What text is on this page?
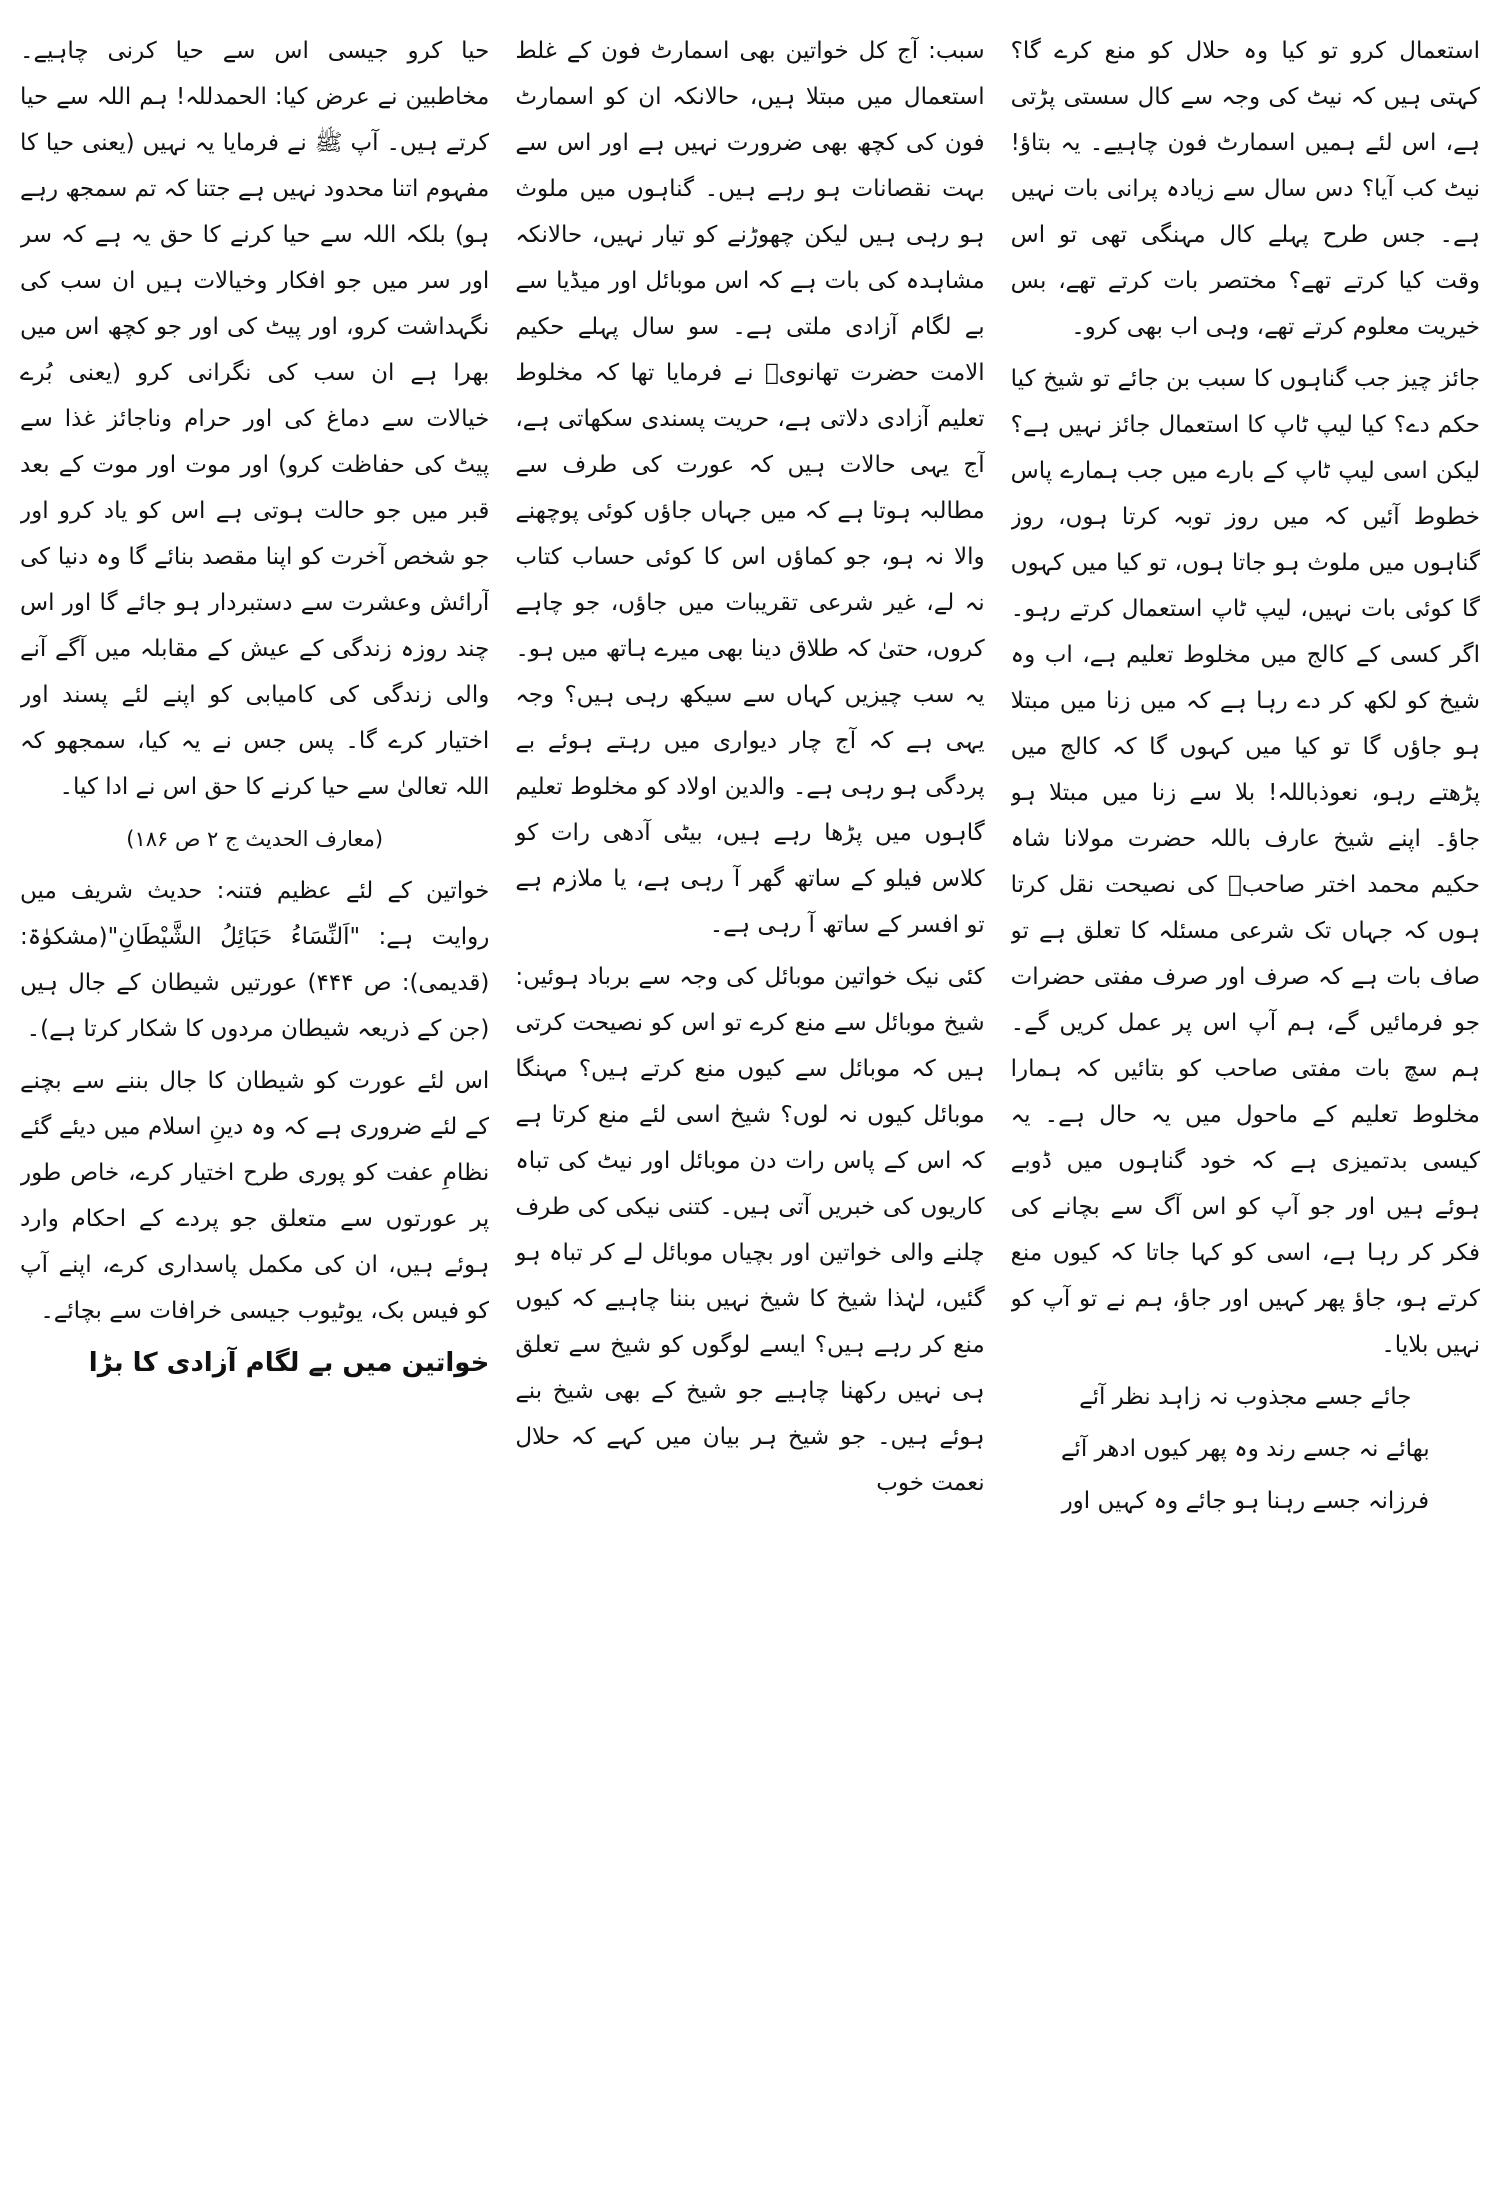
حیا کرو جیسی اس سے حیا کرنی چاہیے۔ مخاطبین نے عرض کیا: الحمدللہ! ہم اللہ سے حیا کرتے ہیں۔ آپ ﷺ نے فرمایا یہ نہیں (یعنی حیا کا مفہوم اتنا محدود نہیں ہے جتنا کہ تم سمجھ رہے ہو) بلکہ اللہ سے حیا کرنے کا حق یہ ہے کہ سر اور سر میں جو افکار وخیالات ہیں ان سب کی نگہداشت کرو، اور پیٹ کی اور جو کچھ اس میں بھرا ہے ان سب کی نگرانی کرو (یعنی بُرے خیالات سے دماغ کی اور حرام وناجائز غذا سے پیٹ کی حفاظت کرو) اور موت اور موت کے بعد قبر میں جو حالت ہوتی ہے اس کو یاد کرو اور جو شخص آخرت کو اپنا مقصد بنائے گا وہ دنیا کی آرائش وعشرت سے دستبردار ہو جائے گا اور اس چند روزہ زندگی کے عیش کے مقابلہ میں آگے آنے والی زندگی کی کامیابی کو اپنے لئے پسند اور اختیار کرے گا۔ پس جس نے یہ کیا، سمجھو کہ اللہ تعالیٰ سے حیا کرنے کا حق اس نے ادا کیا۔

(معارف الحدیث ج ۲ ص ۱۸۶)

خواتین کے لئے عظیم فتنہ: حدیث شریف میں روایت ہے: "اَلنِّسَاءُ حَبَائِلُ الشَّیْطَانِ"(مشکوٰۃ: (قدیمی): ص ۴۴۴) عورتیں شیطان کے جال ہیں (جن کے ذریعہ شیطان مردوں کا شکار کرتا ہے)۔

اس لئے عورت کو شیطان کا جال بننے سے بچنے کے لئے ضروری ہے کہ وہ دینِ اسلام میں دیئے گئے نظامِ عفت کو پوری طرح اختیار کرے، خاص طور پر عورتوں سے متعلق جو پردے کے احکام وارد ہوئے ہیں، ان کی مکمل پاسداری کرے، اپنے آپ کو فیس بک، یوٹیوب جیسی خرافات سے بچائے۔

خواتین میں بے لگام آزادی کا بڑا

سبب: آج کل خواتین بھی اسمارٹ فون کے غلط استعمال میں مبتلا ہیں، حالانکہ ان کو اسمارٹ فون کی کچھ بھی ضرورت نہیں ہے اور اس سے بہت نقصانات ہو رہے ہیں۔ گناہوں میں ملوث ہو رہی ہیں لیکن چھوڑنے کو تیار نہیں، حالانکہ مشاہدہ کی بات ہے کہ اس موبائل اور میڈیا سے بے لگام آزادی ملتی ہے۔ سو سال پہلے حکیم الامت حضرت تھانویؒ نے فرمایا تھا کہ مخلوط تعلیم آزادی دلاتی ہے، حریت پسندی سکھاتی ہے، آج یہی حالات ہیں کہ عورت کی طرف سے مطالبہ ہوتا ہے کہ میں جہاں جاؤں کوئی پوچھنے والا نہ ہو، جو کماؤں اس کا کوئی حساب کتاب نہ لے، غیر شرعی تقریبات میں جاؤں، جو چاہے کروں، حتیٰ کہ طلاق دینا بھی میرے ہاتھ میں ہو۔ یہ سب چیزیں کہاں سے سیکھ رہی ہیں؟ وجہ یہی ہے کہ آج چار دیواری میں رہتے ہوئے بے پردگی ہو رہی ہے۔ والدین اولاد کو مخلوط تعلیم گاہوں میں پڑھا رہے ہیں، بیٹی آدھی رات کو کلاس فیلو کے ساتھ گھر آ رہی ہے، یا ملازم ہے تو افسر کے ساتھ آ رہی ہے۔

کئی نیک خواتین موبائل کی وجہ سے برباد ہوئیں: شیخ موبائل سے منع کرے تو اس کو نصیحت کرتی ہیں کہ موبائل سے کیوں منع کرتے ہیں؟ مہنگا موبائل کیوں نہ لوں؟ شیخ اسی لئے منع کرتا ہے کہ اس کے پاس رات دن موبائل اور نیٹ کی تباہ کاریوں کی خبریں آتی ہیں۔ کتنی نیکی کی طرف چلنے والی خواتین اور بچیاں موبائل لے کر تباہ ہو گئیں، لہٰذا شیخ کا شیخ نہیں بننا چاہیے کہ کیوں منع کر رہے ہیں؟ ایسے لوگوں کو شیخ سے تعلق ہی نہیں رکھنا چاہیے جو شیخ کے بھی شیخ بنے ہوئے ہیں۔ جو شیخ ہر بیان میں کہے کہ حلال نعمت خوب

استعمال کرو تو کیا وہ حلال کو منع کرے گا؟ کہتی ہیں کہ نیٹ کی وجہ سے کال سستی پڑتی ہے، اس لئے ہمیں اسمارٹ فون چاہیے۔ یہ بتاؤ! نیٹ کب آیا؟ دس سال سے زیادہ پرانی بات نہیں ہے۔ جس طرح پہلے کال مہنگی تھی تو اس وقت کیا کرتے تھے؟ مختصر بات کرتے تھے، بس خیریت معلوم کرتے تھے، وہی اب بھی کرو۔

جائز چیز جب گناہوں کا سبب بن جائے تو شیخ کیا حکم دے؟ کیا لیپ ٹاپ کا استعمال جائز نہیں ہے؟ لیکن اسی لیپ ٹاپ کے بارے میں جب ہمارے پاس خطوط آئیں کہ میں روز توبہ کرتا ہوں، روز گناہوں میں ملوث ہو جاتا ہوں، تو کیا میں کہوں گا کوئی بات نہیں، لیپ ٹاپ استعمال کرتے رہو۔ اگر کسی کے کالج میں مخلوط تعلیم ہے، اب وہ شیخ کو لکھ کر دے رہا ہے کہ میں زنا میں مبتلا ہو جاؤں گا تو کیا میں کہوں گا کہ کالج میں پڑھتے رہو، نعوذباللہ! بلا سے زنا میں مبتلا ہو جاؤ۔ اپنے شیخ عارف باللہ حضرت مولانا شاہ حکیم محمد اختر صاحبؒ کی نصیحت نقل کرتا ہوں کہ جہاں تک شرعی مسئلہ کا تعلق ہے تو صاف بات ہے کہ صرف اور صرف مفتی حضرات جو فرمائیں گے، ہم آپ اس پر عمل کریں گے۔ ہم سچ بات مفتی صاحب کو بتائیں کہ ہمارا مخلوط تعلیم کے ماحول میں یہ حال ہے۔ یہ کیسی بدتمیزی ہے کہ خود گناہوں میں ڈوبے ہوئے ہیں اور جو آپ کو اس آگ سے بچانے کی فکر کر رہا ہے، اسی کو کہا جاتا کہ کیوں منع کرتے ہو، جاؤ پھر کہیں اور جاؤ، ہم نے تو آپ کو نہیں بلایا۔

جائے جسے مجذوب نہ زاہد نظر آئے

بھائے نہ جسے رند وہ پھر کیوں ادھر آئے

فرزانہ جسے رہنا ہو جائے وہ کہیں اور
